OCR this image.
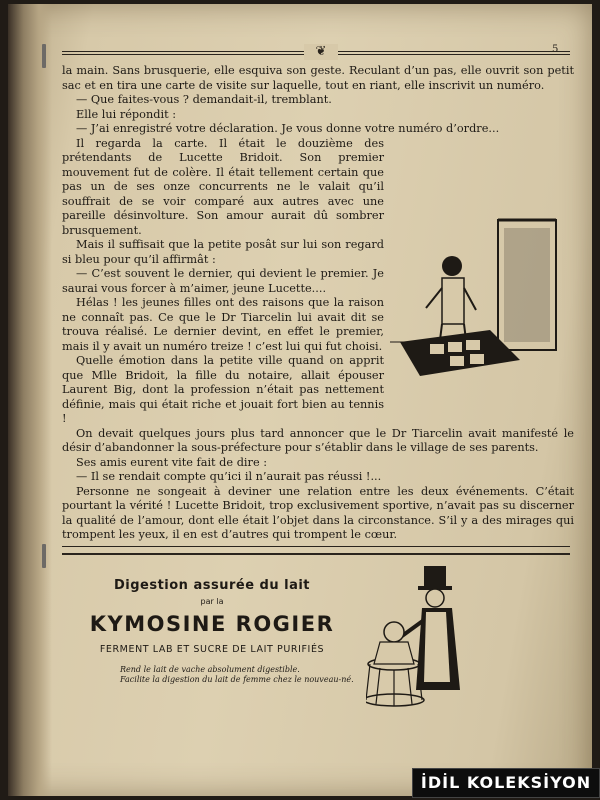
❦	5

la main. Sans brusquerie, elle esquiva son geste. Reculant d’un pas, elle ouvrit son petit sac et en tira une carte de visite sur laquelle, tout en riant, elle inscrivit un numéro.

— Que faites-vous ? demandait-il, tremblant.

Elle lui répondit :

— J’ai enregistré votre déclaration. Je vous donne votre numéro d’ordre...

Il regarda la carte. Il était le douzième des prétendants de Lucette Bridoit. Son premier mouvement fut de colère. Il était tellement certain que pas un de ses onze concurrents ne le valait qu’il souffrait de se voir comparé aux autres avec une pareille désinvolture. Son amour aurait dû sombrer brusquement.

Mais il suffisait que la petite posât sur lui son regard si bleu pour qu’il affirmât :

— C’est souvent le dernier, qui devient le premier. Je saurai vous forcer à m’aimer, jeune Lucette....

Hélas ! les jeunes filles ont des raisons que la raison ne connaît pas. Ce que le Dr Tiarcelin lui avait dit se trouva réalisé. Le dernier devint, en effet le premier, mais il y avait un numéro treize ! c’est lui qui fut choisi.

Quelle émotion dans la petite ville quand on apprit que Mlle Bridoit, la fille du notaire, allait épouser Laurent Big, dont la profession n’était pas nettement définie, mais qui était riche et jouait fort bien au tennis !

On devait quelques jours plus tard annoncer que le Dr Tiarcelin avait manifesté le désir d’abandonner la sous-préfecture pour s’établir dans le village de ses parents.

Ses amis eurent vite fait de dire :

— Il se rendait compte qu’ici il n’aurait pas réussi !...

Personne ne songeait à deviner une relation entre les deux événements. C’était pourtant la vérité ! Lucette Bridoit, trop exclusivement sportive, n’avait pas su discerner la qualité de l’amour, dont elle était l’objet dans la circonstance. S’il y a des mirages qui trompent les yeux, il en est d’autres qui trompent le cœur.

Digestion assurée du lait
par la
KYMOSINE ROGIER
FERMENT LAB ET SUCRE DE LAIT PURIFIÉS
Rend le lait de vache absolument digestible.
Facilite la digestion du lait de femme chez le nouveau-né.
İDİL KOLEKSİYON
